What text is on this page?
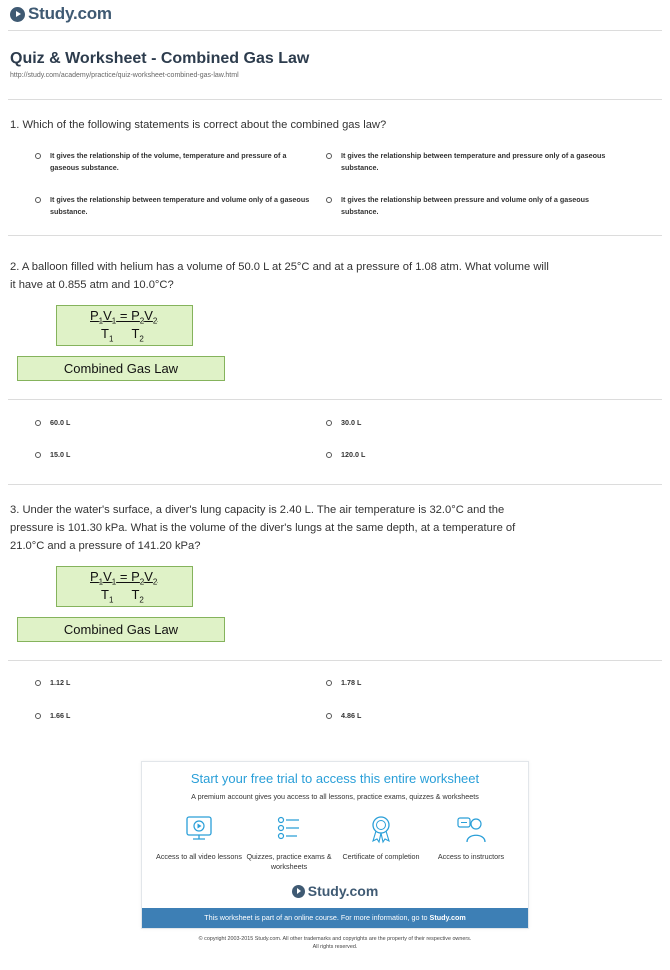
Study.com
Quiz & Worksheet - Combined Gas Law
http://study.com/academy/practice/quiz-worksheet-combined-gas-law.html
1. Which of the following statements is correct about the combined gas law?
It gives the relationship of the volume, temperature and pressure of a gaseous substance.
It gives the relationship between temperature and pressure only of a gaseous substance.
It gives the relationship between temperature and volume only of a gaseous substance.
It gives the relationship between pressure and volume only of a gaseous substance.
2. A balloon filled with helium has a volume of 50.0 L at 25°C and at a pressure of 1.08 atm. What volume will it have at 0.855 atm and 10.0°C?
$\frac{P_1V_1 = P_2V_2}{T_1 T_2}$
Combined Gas Law
60.0 L	30.0 L
15.0 L	120.0 L
3. Under the water's surface, a diver's lung capacity is 2.40 L. The air temperature is 32.0°C and the pressure is 101.30 kPa. What is the volume of the diver's lungs at the same depth, at a temperature of 21.0°C and a pressure of 141.20 kPa?
$\frac{P_1V_1 = P_2V_2}{T_1 T_2}$
Combined Gas Law
1.12 L	1.78 L
1.66 L	4.86 L
Start your free trial to access this entire worksheet
A premium account gives you access to all lessons, practice exams, quizzes & worksheets
Access to all video lessons Quizzes, practice exams & worksheets
Certificate of completion	Access to instructors
Study.com
This worksheet is part of an online course. For more information, go to Study.com
© copyright 2003-2015 Study.com. All other trademarks and copyrights are the property of their respective owners.
All rights reserved.
